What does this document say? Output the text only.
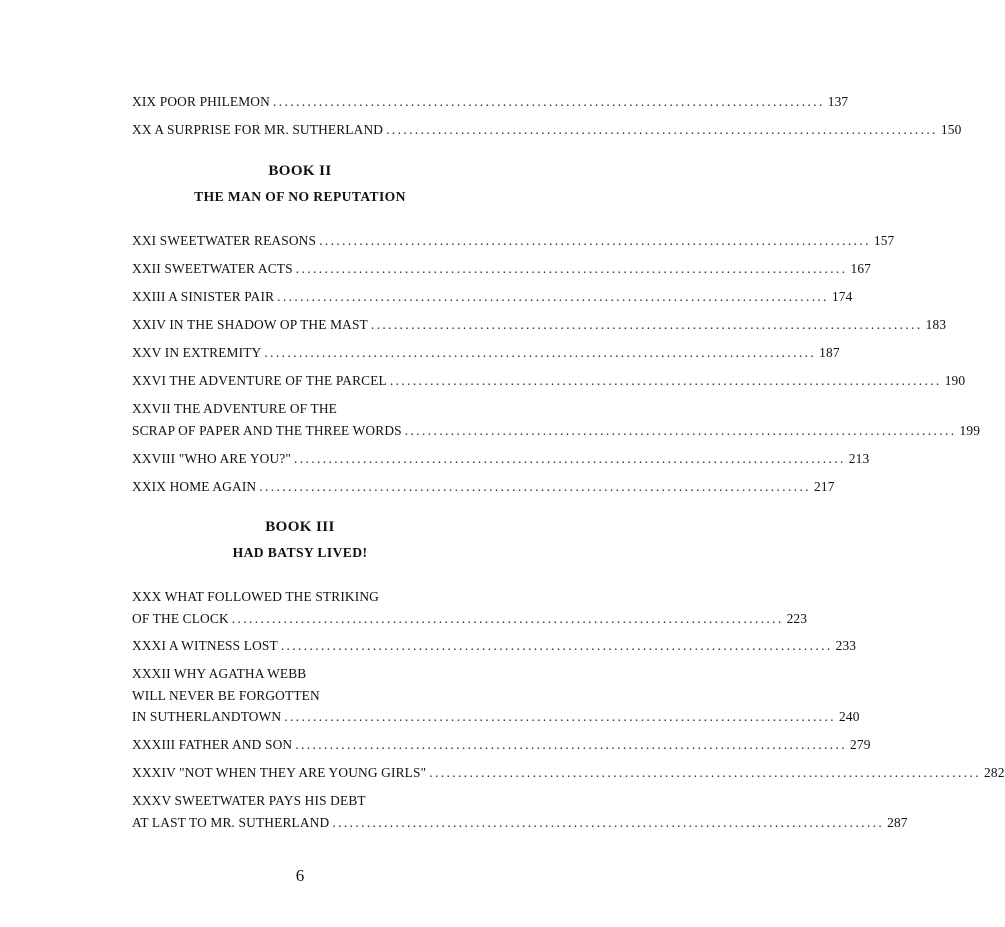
XIX POOR PHILEMON ................................................................................................ 137
XX A SURPRISE FOR MR. SUTHERLAND ................................................................................................ 150
BOOK II
THE MAN OF NO REPUTATION
XXI SWEETWATER REASONS ................................................................................................ 157
XXII SWEETWATER ACTS ................................................................................................ 167
XXIII A SINISTER PAIR ................................................................................................ 174
XXIV IN THE SHADOW OP THE MAST ................................................................................................ 183
XXV IN EXTREMITY ................................................................................................ 187
XXVI THE ADVENTURE OF THE PARCEL ................................................................................................ 190
XXVII THE ADVENTURE OF THE
SCRAP OF PAPER AND THE THREE WORDS ................................................................................................ 199
XXVIII "WHO ARE YOU?" ................................................................................................ 213
XXIX HOME AGAIN ................................................................................................ 217
BOOK III
HAD BATSY LIVED!
XXX WHAT FOLLOWED THE STRIKING
OF THE CLOCK ................................................................................................ 223
XXXI A WITNESS LOST ................................................................................................ 233
XXXII WHY AGATHA WEBB
WILL NEVER BE FORGOTTEN
IN SUTHERLANDTOWN ................................................................................................ 240
XXXIII FATHER AND SON ................................................................................................ 279
XXXIV "NOT WHEN THEY ARE YOUNG GIRLS" ................................................................................................ 282
XXXV SWEETWATER PAYS HIS DEBT
AT LAST TO MR. SUTHERLAND ................................................................................................ 287
6
